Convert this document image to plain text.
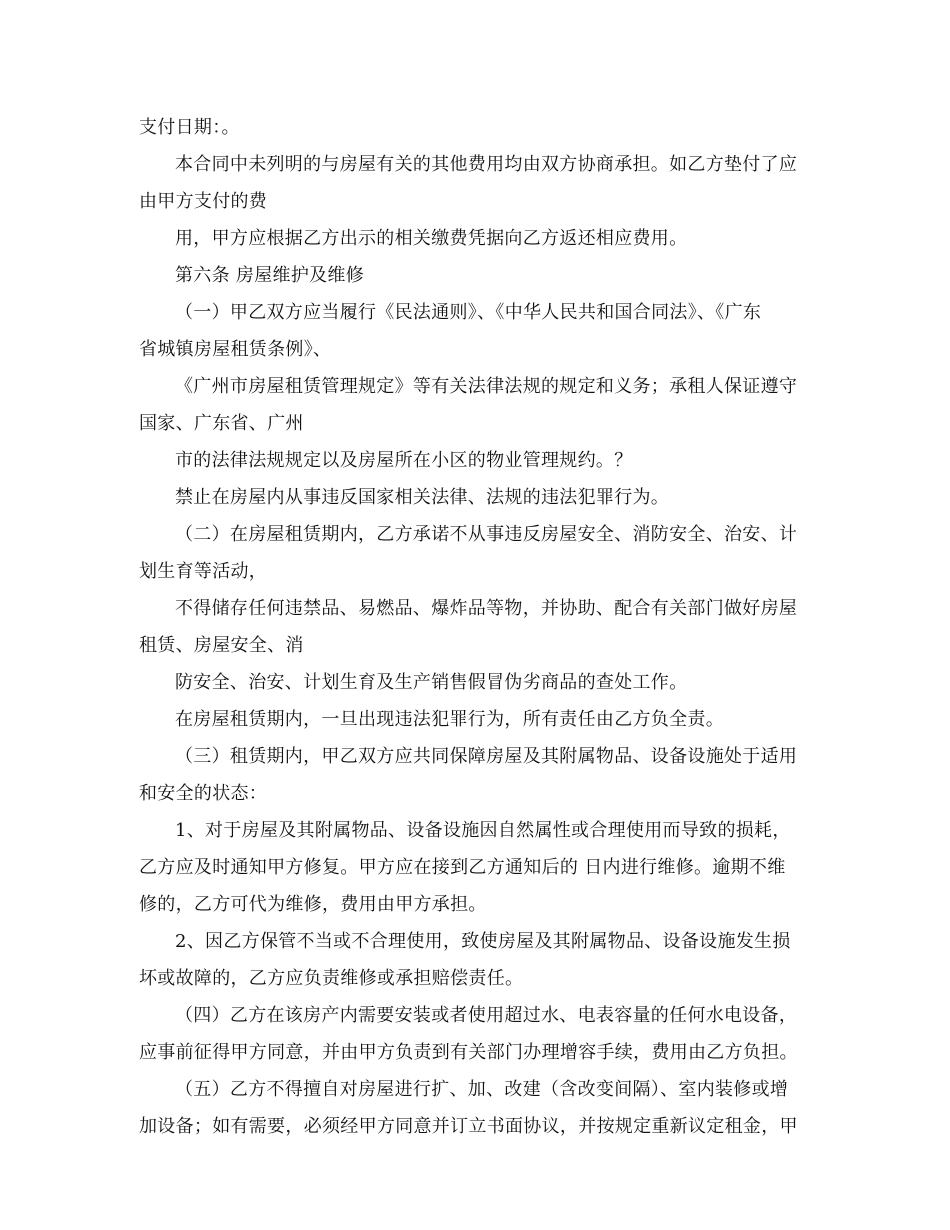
支付日期：。
本合同中未列明的与房屋有关的其他费用均由双方协商承担。如乙方垫付了应
由甲方支付的费
用，甲方应根据乙方出示的相关缴费凭据向乙方返还相应费用。
第六条 房屋维护及维修
（一）甲乙双方应当履行《民法通则》、《中华人民共和国合同法》、《广东
省城镇房屋租赁条例》、
《广州市房屋租赁管理规定》等有关法律法规的规定和义务；承租人保证遵守
国家、广东省、广州
市的法律法规规定以及房屋所在小区的物业管理规约。？
禁止在房屋内从事违反国家相关法律、法规的违法犯罪行为。
（二）在房屋租赁期内，乙方承诺不从事违反房屋安全、消防安全、治安、计
划生育等活动，
不得储存任何违禁品、易燃品、爆炸品等物，并协助、配合有关部门做好房屋
租赁、房屋安全、消
防安全、治安、计划生育及生产销售假冒伪劣商品的查处工作。
在房屋租赁期内，一旦出现违法犯罪行为，所有责任由乙方负全责。
（三）租赁期内，甲乙双方应共同保障房屋及其附属物品、设备设施处于适用
和安全的状态：
1、对于房屋及其附属物品、设备设施因自然属性或合理使用而导致的损耗，
乙方应及时通知甲方修复。甲方应在接到乙方通知后的 日内进行维修。逾期不维
修的，乙方可代为维修，费用由甲方承担。
2、因乙方保管不当或不合理使用，致使房屋及其附属物品、设备设施发生损
坏或故障的，乙方应负责维修或承担赔偿责任。
（四）乙方在该房产内需要安装或者使用超过水、电表容量的任何水电设备，
应事前征得甲方同意，并由甲方负责到有关部门办理增容手续，费用由乙方负担。
（五）乙方不得擅自对房屋进行扩、加、改建（含改变间隔）、室内装修或增
加设备；如有需要，必须经甲方同意并订立书面协议，并按规定重新议定租金，甲
